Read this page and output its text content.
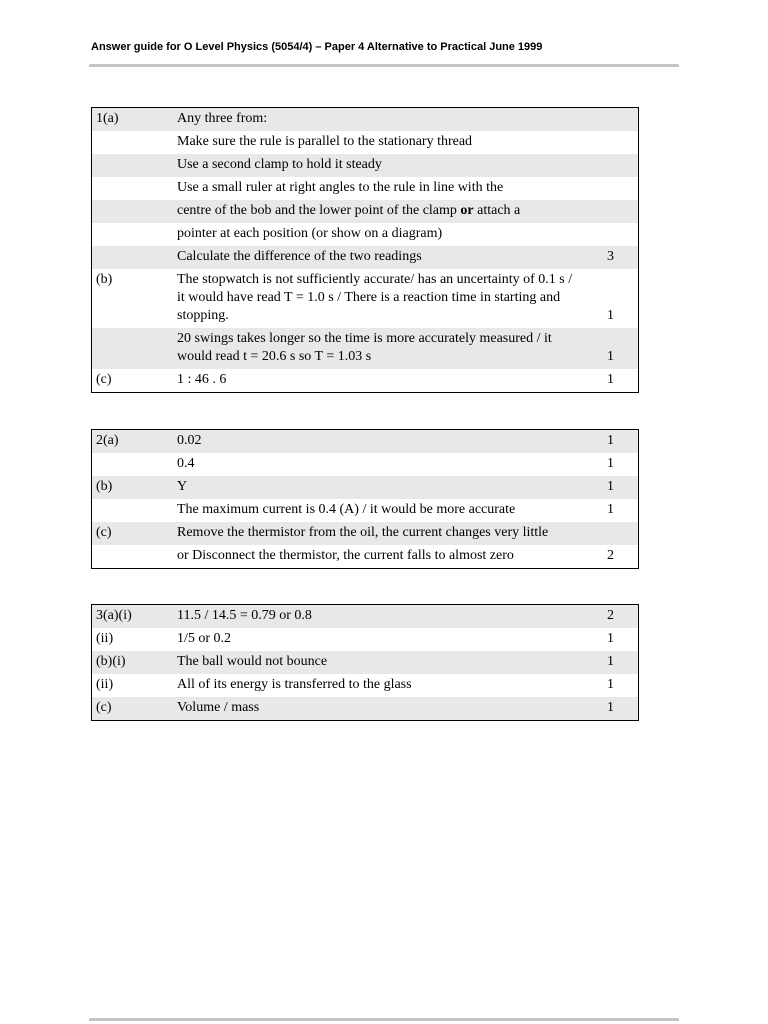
Answer guide for O Level Physics (5054/4) – Paper 4 Alternative to Practical June 1999
1(a)	Any three from:	
	Make sure the rule is parallel to the stationary thread	
	Use a second clamp to hold it steady	
	Use a small ruler at right angles to the rule in line with the	
	centre of the bob and the lower point of the clamp or attach a	
	pointer at each position (or show on a diagram)	
	Calculate the difference of the two readings	3
(b)	The stopwatch is not sufficiently accurate/ has an uncertainty of 0.1 s / it would have read T = 1.0 s / There is a reaction time in starting and stopping.	1
	20 swings takes longer so the time is more accurately measured / it would read t = 20.6 s so T = 1.03 s	1
(c)	1 : 46 . 6	1
2(a)	0.02	1
	0.4	1
(b)	Y	1
	The maximum current is 0.4 (A) / it would be more accurate	1
(c)	Remove the thermistor from the oil, the current changes very little	
	or Disconnect the thermistor, the current falls to almost zero	2
3(a)(i)	11.5 / 14.5 = 0.79 or 0.8	2
(ii)	1/5 or 0.2	1
(b)(i)	The ball would not bounce	1
(ii)	All of its energy is transferred to the glass	1
(c)	Volume / mass	1
